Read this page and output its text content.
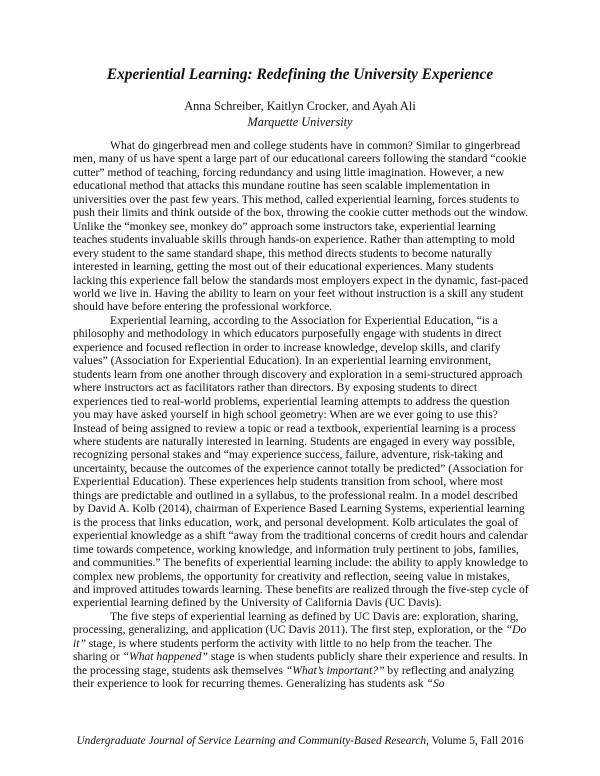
Experiential Learning: Redefining the University Experience
Anna Schreiber, Kaitlyn Crocker, and Ayah Ali
Marquette University

What do gingerbread men and college students have in common? Similar to gingerbread men, many of us have spent a large part of our educational careers following the standard “cookie cutter” method of teaching, forcing redundancy and using little imagination. However, a new educational method that attacks this mundane routine has seen scalable implementation in universities over the past few years. This method, called experiential learning, forces students to push their limits and think outside of the box, throwing the cookie cutter methods out the window. Unlike the “monkey see, monkey do” approach some instructors take, experiential learning teaches students invaluable skills through hands-on experience. Rather than attempting to mold every student to the same standard shape, this method directs students to become naturally interested in learning, getting the most out of their educational experiences. Many students lacking this experience fall below the standards most employers expect in the dynamic, fast-paced world we live in. Having the ability to learn on your feet without instruction is a skill any student should have before entering the professional workforce.

Experiential learning, according to the Association for Experiential Education, “is a philosophy and methodology in which educators purposefully engage with students in direct experience and focused reflection in order to increase knowledge, develop skills, and clarify values” (Association for Experiential Education). In an experiential learning environment, students learn from one another through discovery and exploration in a semi-structured approach where instructors act as facilitators rather than directors. By exposing students to direct experiences tied to real-world problems, experiential learning attempts to address the question you may have asked yourself in high school geometry: When are we ever going to use this? Instead of being assigned to review a topic or read a textbook, experiential learning is a process where students are naturally interested in learning. Students are engaged in every way possible, recognizing personal stakes and “may experience success, failure, adventure, risk-taking and uncertainty, because the outcomes of the experience cannot totally be predicted” (Association for Experiential Education). These experiences help students transition from school, where most things are predictable and outlined in a syllabus, to the professional realm. In a model described by David A. Kolb (2014), chairman of Experience Based Learning Systems, experiential learning is the process that links education, work, and personal development. Kolb articulates the goal of experiential knowledge as a shift “away from the traditional concerns of credit hours and calendar time towards competence, working knowledge, and information truly pertinent to jobs, families, and communities.” The benefits of experiential learning include: the ability to apply knowledge to complex new problems, the opportunity for creativity and reflection, seeing value in mistakes, and improved attitudes towards learning. These benefits are realized through the five-step cycle of experiential learning defined by the University of California Davis (UC Davis).

The five steps of experiential learning as defined by UC Davis are: exploration, sharing, processing, generalizing, and application (UC Davis 2011). The first step, exploration, or the “Do it” stage, is where students perform the activity with little to no help from the teacher. The sharing or “What happened” stage is when students publicly share their experience and results. In the processing stage, students ask themselves “What’s important?” by reflecting and analyzing their experience to look for recurring themes. Generalizing has students ask “So

Undergraduate Journal of Service Learning and Community-Based Research, Volume 5, Fall 2016
